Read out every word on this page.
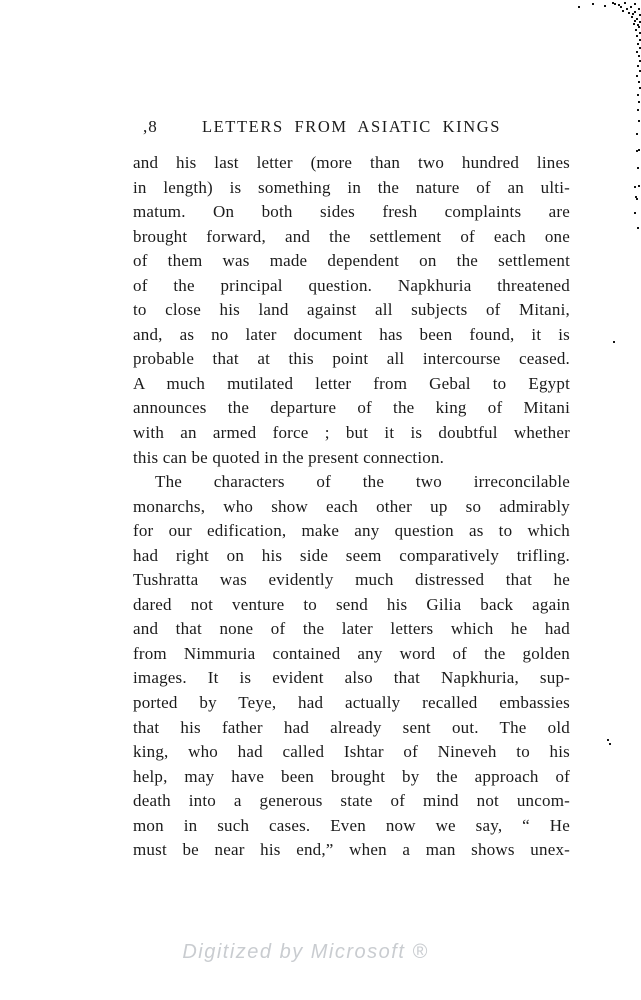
,8	LETTERS FROM ASIATIC KINGS
and his last letter (more than two hundred lines
in length) is something in the nature of an ulti-
matum. On both sides fresh complaints are
brought forward, and the settlement of each one
of them was made dependent on the settlement
of the principal question. Napkhuria threatened
to close his land against all subjects of Mitani,
and, as no later document has been found, it is
probable that at this point all intercourse ceased.
A much mutilated letter from Gebal to Egypt
announces the departure of the king of Mitani
with an armed force ; but it is doubtful whether
this can be quoted in the present connection.
The characters of the two irreconcilable
monarchs, who show each other up so admirably
for our edification, make any question as to which
had right on his side seem comparatively trifling.
Tushratta was evidently much distressed that he
dared not venture to send his Gilia back again
and that none of the later letters which he had
from Nimmuria contained any word of the golden
images. It is evident also that Napkhuria, sup-
ported by Teye, had actually recalled embassies
that his father had already sent out. The old
king, who had called Ishtar of Nineveh to his
help, may have been brought by the approach of
death into a generous state of mind not uncom-
mon in such cases. Even now we say, “ He
must be near his end,” when a man shows unex-
Digitized by Microsoft ®
